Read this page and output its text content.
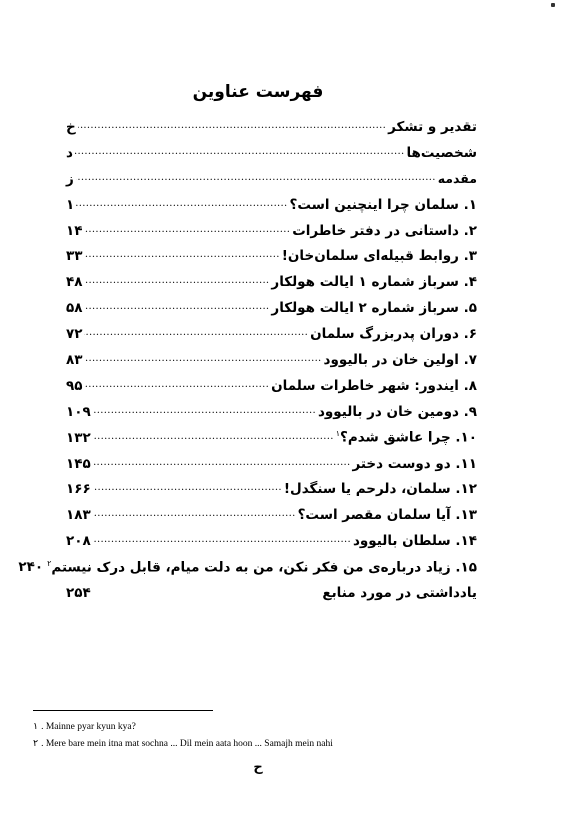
فهرست عناوین
تقدیر و تشکر
.....
خ
شخصیت‌ها
.....
د
مقدمه
.....
ز
۱. سلمان چرا اینچنین است؟
.....
۱
۲. داستانی در دفتر خاطرات
.....
۱۴
۳. روابط قبیله‌ای سلمان‌خان!
.....
۳۳
۴. سرباز شماره ۱ ایالت هولکار
.....
۴۸
۵. سرباز شماره ۲ ایالت هولکار
.....
۵۸
۶. دوران پدربزرگ سلمان
.....
۷۲
۷. اولین خان در بالیوود
.....
۸۳
۸. ایندور: شهر خاطرات سلمان
.....
۹۵
۹. دومین خان در بالیوود
.....
۱۰۹
۱۰. چرا عاشق شدم؟$^۱$
.....
۱۳۲
۱۱. دو دوست دختر
.....
۱۴۵
۱۲. سلمان، دلرحم یا سنگدل!
.....
۱۶۶
۱۳. آیا سلمان مقصر است؟
.....
۱۸۳
۱۴. سلطان بالیوود
.....
۲۰۸
۱۵. زیاد درباره‌ی من فکر نکن، من به دلت میام، قابل درک نیستم$^۲$
۲۴۰
یادداشتی در مورد منابع
۲۵۴
۱ . Mainne pyar kyun kya?
۲ . Mere bare mein itna mat sochna ... Dil mein aata hoon ... Samajh mein nahi
ح
